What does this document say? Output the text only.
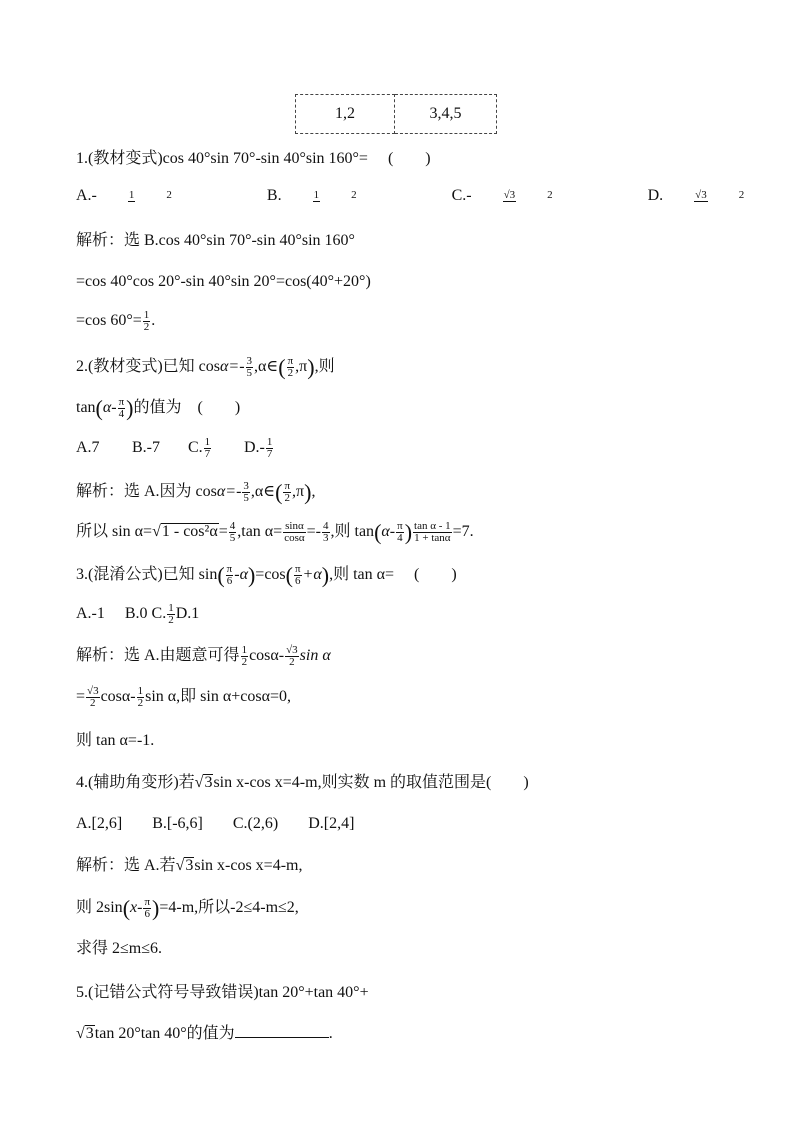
1,2	3,4,5
1.(教材变式)cos 40°sin 70°-sin 40°sin 160°=　 (　　)
A.-	1	2	B.	1	2	C.-	√3	2	D.	√3	2
解析：选 B.cos 40°sin 70°-sin 40°sin 160°
=cos 40°cos 20°-sin 40°sin 20°=cos(40°+20°)
=cos $60^\circ= \frac{1}{2}$ .
2.(教材变式)已知 $\cos\alpha=- \frac{3}{5}$ ,α∈( $\frac{\pi}{2} ,\pi$),则
$\tan(\alpha- \frac{\pi}{4}$ )的值为　(　　)
A.7 B.-7 C. $\frac{1}{7} D.- \frac{1}{7}$
解析：选 A.因为 $\cos\alpha=- \frac{3}{5}$ ,α∈( $\frac{\pi}{2} ,\pi$),
所以 $\sin \alpha=√1 - \cos^2\alpha= \frac{4}{5} ,\tan$ $\alpha= \frac{\sin\alpha}{\cos\alpha} =- \frac{4}{3}$ ,则 $\tan(\alpha- \frac{\pi}{4}$ ) $\frac{\text{tan α - 1}}{1 + \tan\alpha} =7$.
3.(混淆公式)已知 $\sin( \frac{\pi}{6} -\alpha)=\cos( \frac{\pi}{6} +\alpha)$,则 tan α=　 (　　)
A.-1　 B.0 C. $\frac{1}{2} D.1$
解析：选 A.由题意可得 $\frac{1}{2} \cos\alpha- \frac{√3}{2}$ sin α
= $\frac{√3}{2} \cos\alpha- \frac{1}{2}$ sin α,即 sin α+cosα=0,
则 tan α=-1.
4.(辅助角变形)若√3sin x-cos x=4-m,则实数 m 的取值范围是(　　)
A.[2,6] B.[-6,6] C.(2,6) D.[2,4]
解析：选 A.若√3sin x-cos x=4-m,
则 $2\sin(x- \frac{\pi}{6} )=4-m$,所以-2≤4-m≤2,
求得 2≤m≤6.
5.(记错公式符号导致错误)tan 20°+tan 40°+
√3tan 20°tan 40°的值为	.
